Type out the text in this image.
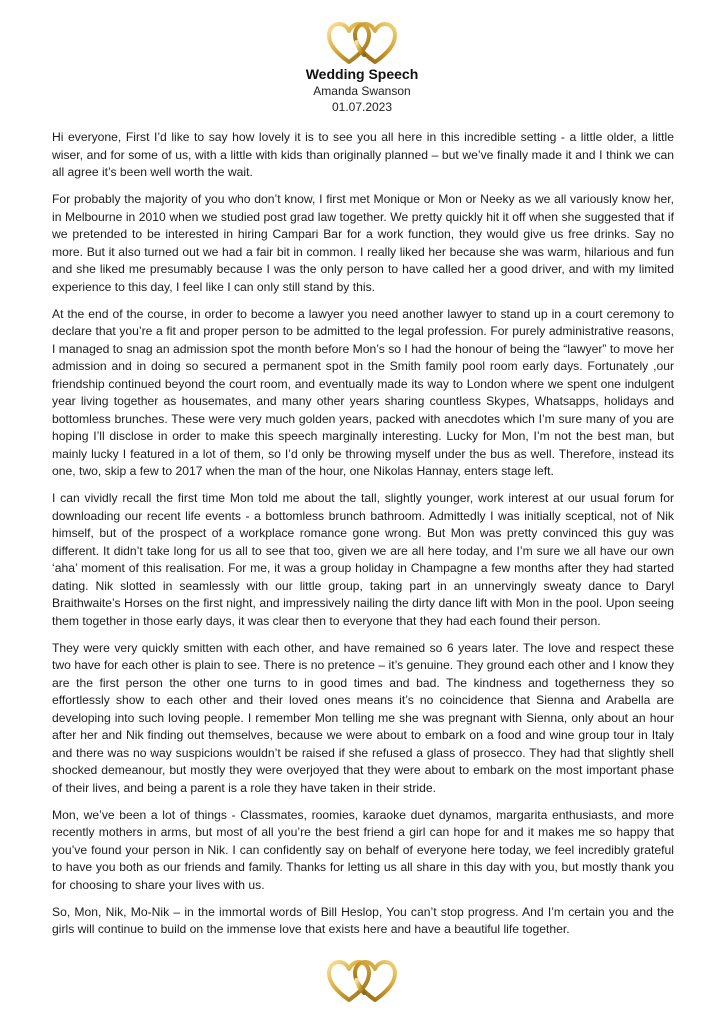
Wedding Speech

Amanda Swanson

01.07.2023

Hi everyone, First I’d like to say how lovely it is to see you all here in this incredible setting - a little older, a little wiser, and for some of us, with a little with kids than originally planned – but we’ve finally made it and I think we can all agree it’s been well worth the wait.

For probably the majority of you who don’t know, I first met Monique or Mon or Neeky as we all variously know her, in Melbourne in 2010 when we studied post grad law together. We pretty quickly hit it off when she suggested that if we pretended to be interested in hiring Campari Bar for a work function, they would give us free drinks. Say no more. But it also turned out we had a fair bit in common. I really liked her because she was warm, hilarious and fun and she liked me presumably because I was the only person to have called her a good driver, and with my limited experience to this day, I feel like I can only still stand by this.

At the end of the course, in order to become a lawyer you need another lawyer to stand up in a court ceremony to declare that you’re a fit and proper person to be admitted to the legal profession. For purely administrative reasons, I managed to snag an admission spot the month before Mon’s so I had the honour of being the “lawyer” to move her admission and in doing so secured a permanent spot in the Smith family pool room early days. Fortunately ,our friendship continued beyond the court room, and eventually made its way to London where we spent one indulgent year living together as housemates, and many other years sharing countless Skypes, Whatsapps, holidays and bottomless brunches. These were very much golden years, packed with anecdotes which I’m sure many of you are hoping I’ll disclose in order to make this speech marginally interesting. Lucky for Mon, I’m not the best man, but mainly lucky I featured in a lot of them, so I’d only be throwing myself under the bus as well. Therefore, instead its one, two, skip a few to 2017 when the man of the hour, one Nikolas Hannay, enters stage left.

I can vividly recall the first time Mon told me about the tall, slightly younger, work interest at our usual forum for downloading our recent life events - a bottomless brunch bathroom. Admittedly I was initially sceptical, not of Nik himself, but of the prospect of a workplace romance gone wrong. But Mon was pretty convinced this guy was different. It didn’t take long for us all to see that too, given we are all here today, and I’m sure we all have our own ‘aha’ moment of this realisation. For me, it was a group holiday in Champagne a few months after they had started dating. Nik slotted in seamlessly with our little group, taking part in an unnervingly sweaty dance to Daryl Braithwaite’s Horses on the first night, and impressively nailing the dirty dance lift with Mon in the pool. Upon seeing them together in those early days, it was clear then to everyone that they had each found their person.

They were very quickly smitten with each other, and have remained so 6 years later. The love and respect these two have for each other is plain to see. There is no pretence – it’s genuine. They ground each other and I know they are the first person the other one turns to in good times and bad. The kindness and togetherness they so effortlessly show to each other and their loved ones means it’s no coincidence that Sienna and Arabella are developing into such loving people. I remember Mon telling me she was pregnant with Sienna, only about an hour after her and Nik finding out themselves, because we were about to embark on a food and wine group tour in Italy and there was no way suspicions wouldn’t be raised if she refused a glass of prosecco. They had that slightly shell shocked demeanour, but mostly they were overjoyed that they were about to embark on the most important phase of their lives, and being a parent is a role they have taken in their stride.

Mon, we’ve been a lot of things - Classmates, roomies, karaoke duet dynamos, margarita enthusiasts, and more recently mothers in arms, but most of all you’re the best friend a girl can hope for and it makes me so happy that you’ve found your person in Nik. I can confidently say on behalf of everyone here today, we feel incredibly grateful to have you both as our friends and family. Thanks for letting us all share in this day with you, but mostly thank you for choosing to share your lives with us.

So, Mon, Nik, Mo-Nik – in the immortal words of Bill Heslop, You can’t stop progress. And I’m certain you and the girls will continue to build on the immense love that exists here and have a beautiful life together.
